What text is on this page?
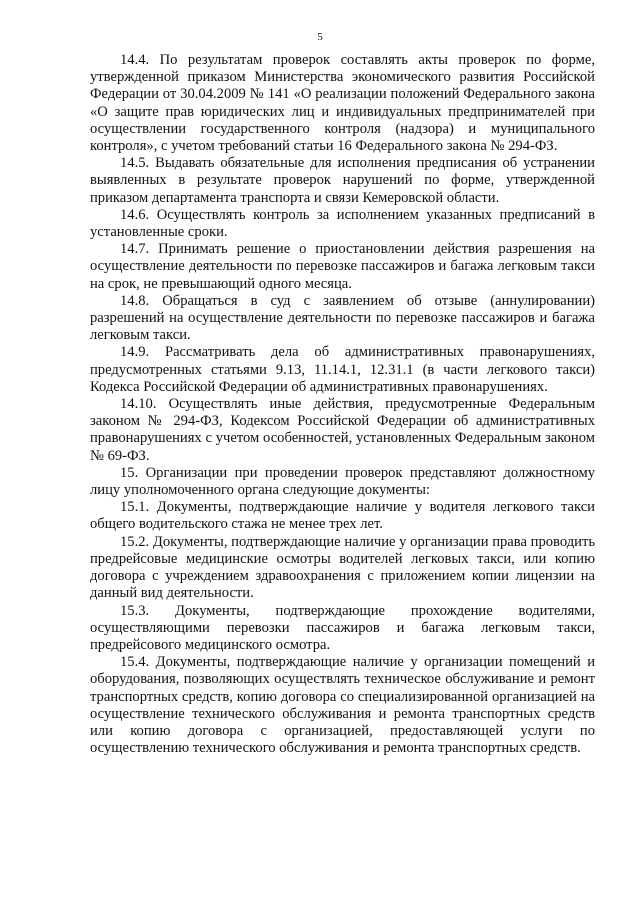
5

14.4. По результатам проверок составлять акты проверок по форме, утвержденной приказом Министерства экономического развития Российской Федерации от 30.04.2009 № 141 «О реализации положений Федерального закона «О защите прав юридических лиц и индивидуальных предпринимателей при осуществлении государственного контроля (надзора) и муниципального контроля», с учетом требований статьи 16 Федерального закона № 294-ФЗ.

14.5. Выдавать обязательные для исполнения предписания об устранении выявленных в результате проверок нарушений по форме, утвержденной приказом департамента транспорта и связи Кемеровской области.

14.6. Осуществлять контроль за исполнением указанных предписаний в установленные сроки.

14.7. Принимать решение о приостановлении действия разрешения на осуществление деятельности по перевозке пассажиров и багажа легковым такси на срок, не превышающий одного месяца.

14.8. Обращаться в суд с заявлением об отзыве (аннулировании) разрешений на осуществление деятельности по перевозке пассажиров и багажа легковым такси.

14.9. Рассматривать дела об административных правонарушениях, предусмотренных статьями 9.13, 11.14.1, 12.31.1 (в части легкового такси) Кодекса Российской Федерации об административных правонарушениях.

14.10. Осуществлять иные действия, предусмотренные Федеральным законом № 294-ФЗ, Кодексом Российской Федерации об административных правонарушениях с учетом особенностей, установленных Федеральным законом № 69-ФЗ.

15. Организации при проведении проверок представляют должностному лицу уполномоченного органа следующие документы:

15.1. Документы, подтверждающие наличие у водителя легкового такси общего водительского стажа не менее трех лет.

15.2. Документы, подтверждающие наличие у организации права проводить предрейсовые медицинские осмотры водителей легковых такси, или копию договора с учреждением здравоохранения с приложением копии лицензии на данный вид деятельности.

15.3. Документы, подтверждающие прохождение водителями, осуществляющими перевозки пассажиров и багажа легковым такси, предрейсового медицинского осмотра.

15.4. Документы, подтверждающие наличие у организации помещений и оборудования, позволяющих осуществлять техническое обслуживание и ремонт транспортных средств, копию договора со специализированной организацией на осуществление технического обслуживания и ремонта транспортных средств или копию договора с организацией, предоставляющей услуги по осуществлению технического обслуживания и ремонта транспортных средств.
